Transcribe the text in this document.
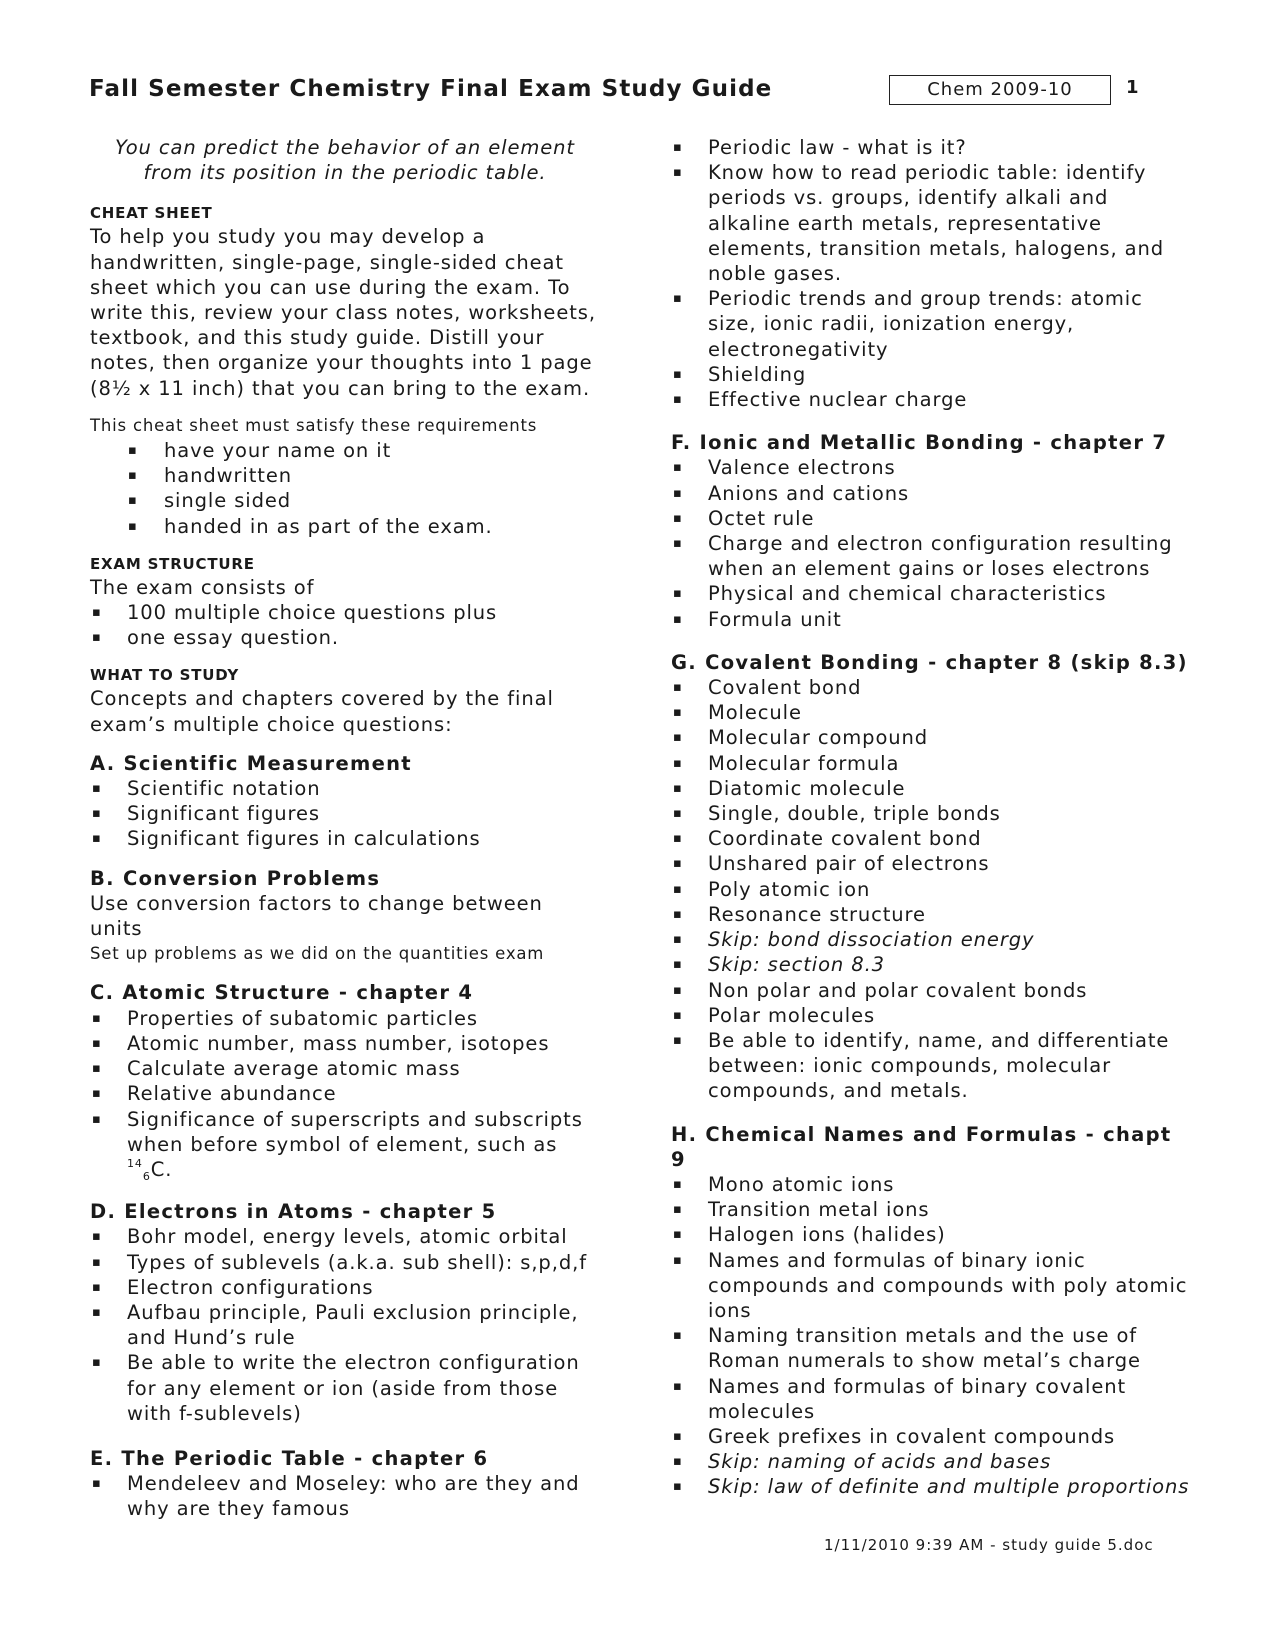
Fall Semester Chemistry Final Exam Study Guide	Chem 2009-10	1

You can predict the behavior of an element
from its position in the periodic table.

CHEAT SHEET

To help you study you may develop a handwritten, single-page, single-sided cheat sheet which you can use during the exam. To write this, review your class notes, worksheets, textbook, and this study guide. Distill your notes, then organize your thoughts into 1 page (8½ x 11 inch) that you can bring to the exam.

This cheat sheet must satisfy these requirements

▪ have your name on it
▪ handwritten
▪ single sided
▪ handed in as part of the exam.
EXAM STRUCTURE

The exam consists of

▪ 100 multiple choice questions plus
▪ one essay question.
WHAT TO STUDY

Concepts and chapters covered by the final exam’s multiple choice questions:

A. Scientific Measurement
▪ Scientific notation
▪ Significant figures
▪ Significant figures in calculations
B. Conversion Problems

Use conversion factors to change between units

Set up problems as we did on the quantities exam

C. Atomic Structure - chapter 4
▪ Properties of subatomic particles
▪ Atomic number, mass number, isotopes
▪ Calculate average atomic mass
▪ Relative abundance
▪ Significance of superscripts and subscripts when before symbol of element, such as
$^{14}_6$C.
D. Electrons in Atoms - chapter 5
▪ Bohr model, energy levels, atomic orbital
▪ Types of sublevels (a.k.a. sub shell): s,p,d,f
▪ Electron configurations
▪ Aufbau principle, Pauli exclusion principle, and Hund’s rule
▪ Be able to write the electron configuration for any element or ion (aside from those with f-sublevels)
E. The Periodic Table - chapter 6
▪ Mendeleev and Moseley: who are they and why are they famous
▪ Periodic law - what is it?
▪ Know how to read periodic table: identify periods vs. groups, identify alkali and alkaline earth metals, representative elements, transition metals, halogens, and noble gases.
▪ Periodic trends and group trends: atomic size, ionic radii, ionization energy, electronegativity
▪ Shielding
▪ Effective nuclear charge
F. Ionic and Metallic Bonding - chapter 7
▪ Valence electrons
▪ Anions and cations
▪ Octet rule
▪ Charge and electron configuration resulting when an element gains or loses electrons
▪ Physical and chemical characteristics
▪ Formula unit
G. Covalent Bonding - chapter 8 (skip 8.3)
▪ Covalent bond
▪ Molecule
▪ Molecular compound
▪ Molecular formula
▪ Diatomic molecule
▪ Single, double, triple bonds
▪ Coordinate covalent bond
▪ Unshared pair of electrons
▪ Poly atomic ion
▪ Resonance structure
▪ Skip: bond dissociation energy
▪ Skip: section 8.3
▪ Non polar and polar covalent bonds
▪ Polar molecules
▪ Be able to identify, name, and differentiate between: ionic compounds, molecular compounds, and metals.
H. Chemical Names and Formulas - chapt 9
▪ Mono atomic ions
▪ Transition metal ions
▪ Halogen ions (halides)
▪ Names and formulas of binary ionic compounds and compounds with poly atomic ions
▪ Naming transition metals and the use of Roman numerals to show metal’s charge
▪ Names and formulas of binary covalent molecules
▪ Greek prefixes in covalent compounds
▪ Skip: naming of acids and bases
▪ Skip: law of definite and multiple proportions
1/11/2010 9:39 AM - study guide 5.doc
